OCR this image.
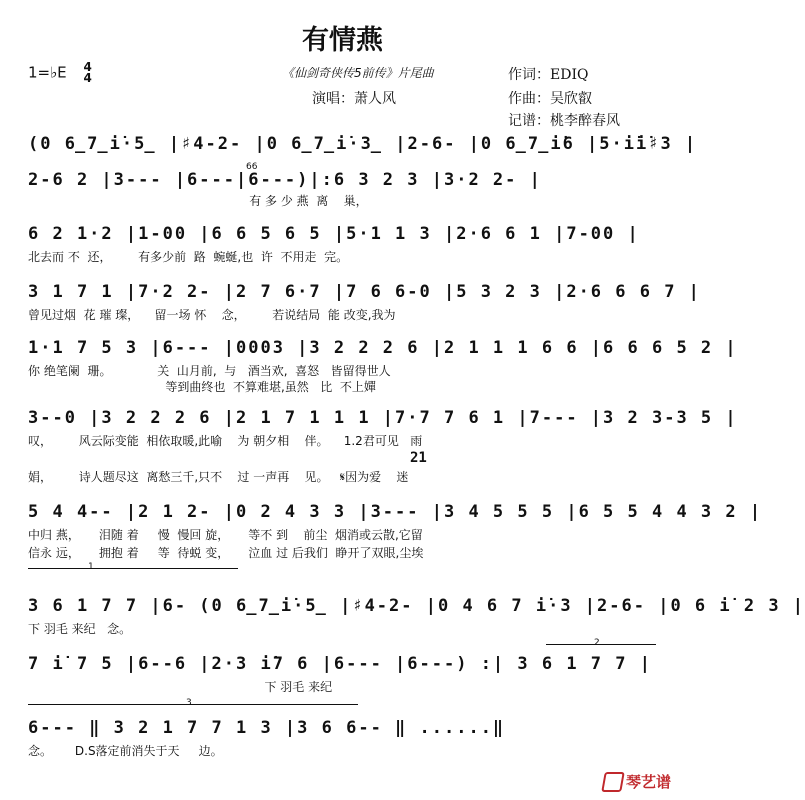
有情燕
1=♭E 4
4	《仙剑奇侠传5前传》片尾曲
演唱：萧人风
作词：EDIQ
作曲：吴欣叡
记谱：桃李醉春风
(0 6̲7̲i̇·5̲ |♯4-2- |0 6̲7̲i̇·3̲ |2-6- |0 6̲7̲i̇6 |5·i̇i̇♯3 |
2-6 2 |3--- |6---|6---)|:6 3 2 3 |3·2 2- |
有 多 少 燕  离    巢，
66
6 2 1·2 |1-00 |6 6 5 6 5 |5·1 1 3 |2·6 6 1 |7-00 |
北去而 不  还，       有多少前  路  蜿蜒,也  许  不用走  完。
3 1 7 1 |7·2 2- |2 7 6·7 |7 6 6-0 |5 3 2 3 |2·6 6 6 7 |
曾见过烟  花 璀 璨，    留一场 怀    念，       若说结局  能 改变,我为
1·1 7 5 3 |6--- |0003 |3 2 2 2 6 |2 1 1 1 6 6 |6 6 6 5 2 |
你 绝笔阑  珊。            关  山月前,  与   酒当欢,  喜怒   皆留得世人
等到曲终也  不算难堪,虽然   比  不上嬋
3--0 |3 2 2 2 6 |2 1 7 1 1 1 |7·7 7 6 1 |7--- |3 2 3-3 5 |
叹，       风云际变能  相依取暖,此喻    为 朝夕相    伴。    1.2君可见   雨
21
娟，       诗人题尽这  离愁三千,只不    过 一声再    见。   𝄋因为爱    迷
5 4 4-- |2 1 2- |0 2 4 3 3 |3--- |3 4 5 5 5 |6 5 5 4 4 3 2 |
中归 燕，     泪随 着     慢  慢回 旋，     等不 到    前尘  烟消或云散,它留
信永 远，     拥抱 着     等  待蜕 变，     泣血 过 后我们  睁开了双眼,尘埃
1
3 6 1 7 7 |6- (0 6̲7̲i̇·5̲ |♯4-2- |0 4 6 7 i̇·3 |2-6- |0 6 i̇ 2 3 |
下 羽毛 来纪   念。
2
7 i̇ 7 5 |6--6 |2·3 i̇7 6 |6--- |6---) :| 3 6 1 7 7 |
下 羽毛 来纪
3
6--- ‖ 3 2 1 7 7 1 3 |3 6 6-- ‖ ......‖
念。      D.S落定前消失于天     边。
琴艺谱
